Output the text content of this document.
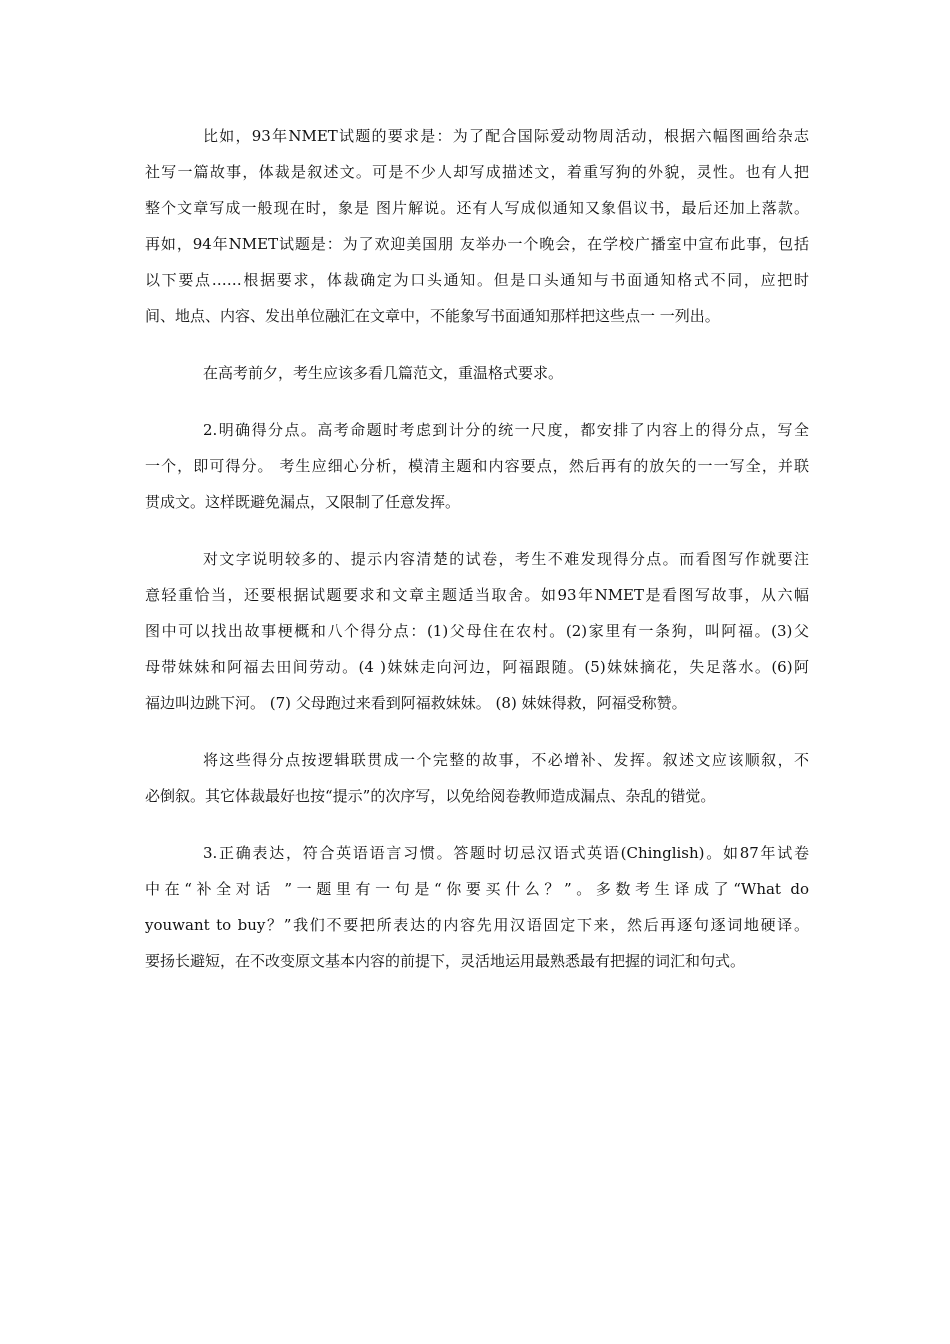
比如，93年NMET试题的要求是：为了配合国际爱动物周活动，根据六幅图画给杂志
社写一篇故事，体裁是叙述文。可是不少人却写成描述文，着重写狗的外貌，灵性。也有人把
整个文章写成一般现在时，象是 图片解说。还有人写成似通知又象倡议书，最后还加上落款。
再如，94年NMET试题是：为了欢迎美国朋 友举办一个晚会，在学校广播室中宣布此事，包括
以下要点……根据要求，体裁确定为口头通知。但是口头通知与书面通知格式不同，应把时
间、地点、内容、发出单位融汇在文章中，不能象写书面通知那样把这些点一 一列出。
在高考前夕，考生应该多看几篇范文，重温格式要求。
2.明确得分点。高考命题时考虑到计分的统一尺度，都安排了内容上的得分点，写全
一个，即可得分。 考生应细心分析，模清主题和内容要点，然后再有的放矢的一一写全，并联
贯成文。这样既避免漏点，又限制了任意发挥。
对文字说明较多的、提示内容清楚的试卷，考生不难发现得分点。而看图写作就要注
意轻重恰当，还要根据试题要求和文章主题适当取舍。如93年NMET是看图写故事，从六幅
图中可以找出故事梗概和八个得分点：(1)父母住在农村。(2)家里有一条狗，叫阿福。(3)父
母带妹妹和阿福去田间劳动。(4 )妹妹走向河边，阿福跟随。(5)妹妹摘花，失足落水。(6)阿
福边叫边跳下河。 (7) 父母跑过来看到阿福救妹妹。 (8) 妹妹得救，阿福受称赞。
将这些得分点按逻辑联贯成一个完整的故事，不必增补、发挥。叙述文应该顺叙，不
必倒叙。其它体裁最好也按“提示”的次序写，以免给阅卷教师造成漏点、杂乱的错觉。
3.正确表达，符合英语语言习惯。答题时切忌汉语式英语(Chinglish)。如87年试卷
中在“补全对话 ”一题里有一句是“你要买什么？”。多数考生译成了“What do
youwant to buy？”我们不要把所表达的内容先用汉语固定下来，然后再逐句逐词地硬译。
要扬长避短，在不改变原文基本内容的前提下，灵活地运用最熟悉最有把握的词汇和句式。
